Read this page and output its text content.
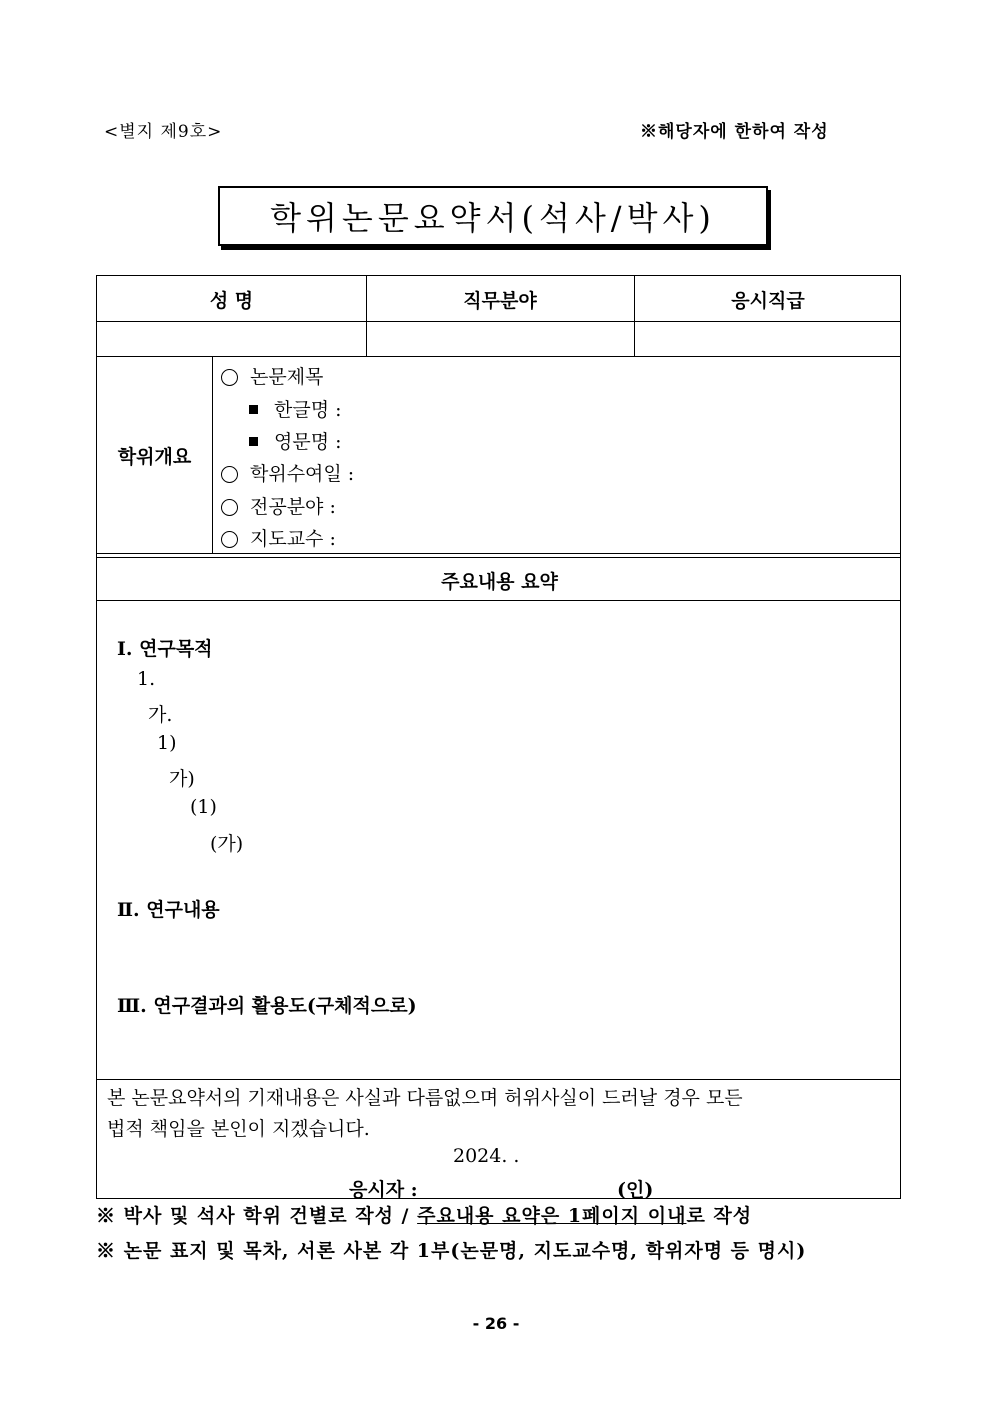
<별지 제9호>	※해당자에 한하여 작성
학위논문요약서(석사/박사)
성 명	직무분야	응시직급
학위개요
논문제목
한글명 :
영문명 :
학위수여일 :
전공분야 :
지도교수 :
주요내용 요약
Ⅰ. 연구목적
1.
가.
1)
가)
(1)
(가)
Ⅱ. 연구내용
Ⅲ. 연구결과의 활용도(구체적으로)
본 논문요약서의 기재내용은 사실과 다름없으며 허위사실이 드러날 경우 모든
법적 책임을 본인이 지겠습니다.
2024. .
응시자 :	(인)
※ 박사 및 석사 학위 건별로 작성 / 주요내용 요약은 1페이지 이내로 작성
※ 논문 표지 및 목차, 서론 사본 각 1부(논문명, 지도교수명, 학위자명 등 명시)
- 26 -
